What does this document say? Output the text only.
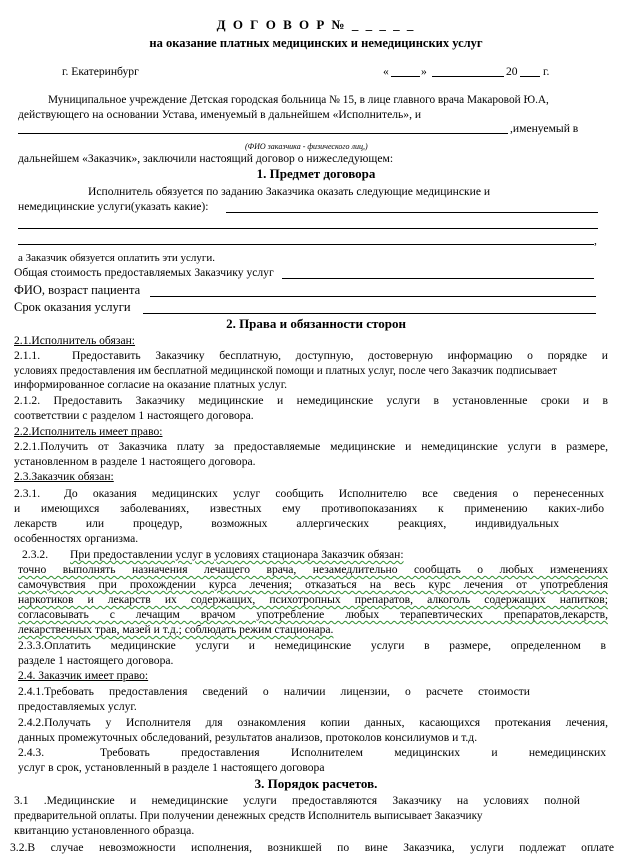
Д О Г О В О Р № _ _ _ _ _
на оказание платных медицинских и немедицинских услуг
г. Екатеринбург	«	»	20 г.
Муниципальное учреждение Детская городская больница № 15, в лице главного врача Макаровой Ю.А,
действующего на основании Устава, именуемый в дальнейшем «Исполнитель», и
,именуемый в
(ФИО заказчика - физического лиц,)
дальнейшем «Заказчик», заключили настоящий договор о нижеследующем:
1. Предмет договора
Исполнитель обязуется по заданию Заказчика оказать следующие медицинские и
немедицинские услуги(указать какие):
,
а Заказчик обязуется оплатить эти услуги.
Общая стоимость предоставляемых Заказчику услуг
ФИО, возраст пациента
Срок оказания услуги
2. Права и обязанности сторон
2.1.Исполнитель обязан:
2.1.1.	Предоставить Заказчику бесплатную, доступную, достоверную информацию о порядке и
условиях предоставления им бесплатной медицинской помощи и платных услуг, после чего Заказчик подписывает
информированное согласие на оказание платных услуг.
2.1.2. Предоставить Заказчику медицинские и немедицинские услуги в установленные сроки и в
соответствии с разделом 1 настоящего договора.
2.2.Исполнитель имеет право:
2.2.1.Получить от Заказчика плату за предоставляемые медицинские и немедицинские услуги в размере,
установленном в разделе 1 настоящего договора.
2.3.Заказчик обязан:
2.3.1. До оказания медицинских услуг сообщить Исполнителю все сведения о перенесенных
и имеющихся заболеваниях, известных ему противопоказаниях к применению каких-либо
лекарств или процедур, возможных аллергических реакциях, индивидуальных
особенностях организма.
2.3.2. При предоставлении услуг в условиях стационара Заказчик обязан:
точно выполнять назначения лечащего врача, незамедлительно сообщать о любых изменениях
самочувствия при прохождении курса лечения; отказаться на весь курс лечения от употребления
наркотиков и лекарств их содержащих, психотропных препаратов, алкоголь содержащих напитков;
согласовывать с лечащим врачом употребление любых терапевтических препаратов,лекарств,
лекарственных трав, мазей и т.д.; соблюдать режим стационара.
2.3.3.Оплатить медицинские услуги и немедицинские услуги в размере, определенном в
разделе 1 настоящего договора.
2.4. Заказчик имеет право:
2.4.1.Требовать предоставления сведений о наличии лицензии, о расчете стоимости
предоставляемых услуг.
2.4.2.Получать у Исполнителя для ознакомления копии данных, касающихся протекания лечения,
данных промежуточных обследований, результатов анализов, протоколов консилиумов и т.д.
2.4.3.	Требовать предоставления Исполнителем медицинских и немедицинских
услуг в срок, установленный в разделе 1 настоящего договора
3. Порядок расчетов.
3.1 .Медицинские и немедицинские услуги предоставляются Заказчику на условиях полной
предварительной оплаты. При получении денежных средств Исполнитель выписывает Заказчику
квитанцию установленного образца.
3.2.В случае невозможности исполнения, возникшей по вине Заказчика, услуги подлежат оплате
